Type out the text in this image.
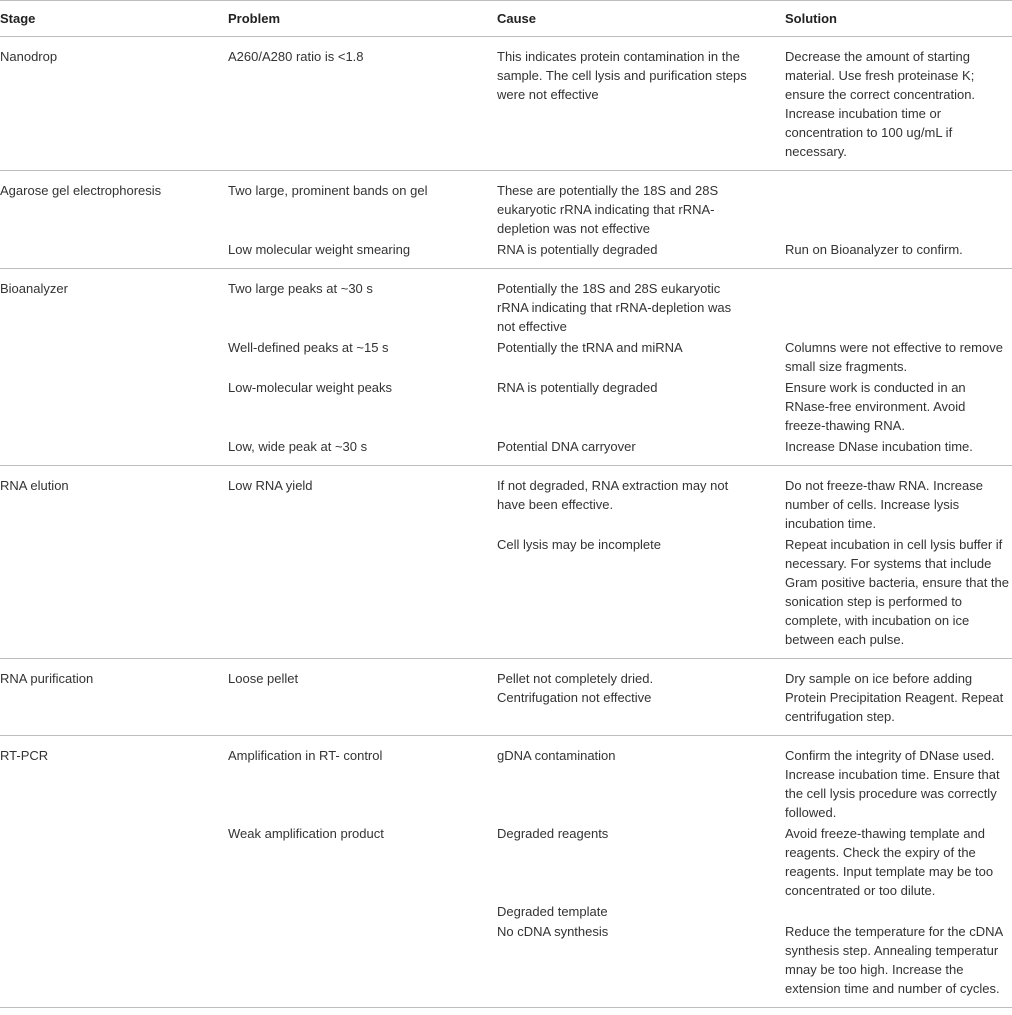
Stage	Problem	Cause	Solution
Nanodrop	A260/A280 ratio is <1.8	This indicates protein contamination in the sample. The cell lysis and purification steps were not effective	Decrease the amount of starting material. Use fresh proteinase K; ensure the correct concentration. Increase incubation time or concentration to 100 ug/mL if necessary.
Agarose gel electrophoresis	Two large, prominent bands on gel	These are potentially the 18S and 28S eukaryotic rRNA indicating that rRNA-depletion was not effective	
	Low molecular weight smearing	RNA is potentially degraded	Run on Bioanalyzer to confirm.
Bioanalyzer	Two large peaks at ~30 s	Potentially the 18S and 28S eukaryotic rRNA indicating that rRNA-depletion was not effective	
	Well-defined peaks at ~15 s	Potentially the tRNA and miRNA	Columns were not effective to remove small size fragments.
	Low-molecular weight peaks	RNA is potentially degraded	Ensure work is conducted in an RNase-free environment. Avoid freeze-thawing RNA.
	Low, wide peak at ~30 s	Potential DNA carryover	Increase DNase incubation time.
RNA elution	Low RNA yield	If not degraded, RNA extraction may not have been effective.	Do not freeze-thaw RNA. Increase number of cells. Increase lysis incubation time.
		Cell lysis may be incomplete	Repeat incubation in cell lysis buffer if necessary. For systems that include Gram positive bacteria, ensure that the sonication step is performed to complete, with incubation on ice between each pulse.
RNA purification	Loose pellet	Pellet not completely dried. Centrifugation not effective	Dry sample on ice before adding Protein Precipitation Reagent. Repeat centrifugation step.
RT-PCR	Amplification in RT- control	gDNA contamination	Confirm the integrity of DNase used. Increase incubation time. Ensure that the cell lysis procedure was correctly followed.
	Weak amplification product	Degraded reagents	Avoid freeze-thawing template and reagents. Check the expiry of the reagents. Input template may be too concentrated or too dilute.
		Degraded template	
		No cDNA synthesis	Reduce the temperature for the cDNA synthesis step. Annealing temperatur mnay be too high. Increase the extension time and number of cycles.
